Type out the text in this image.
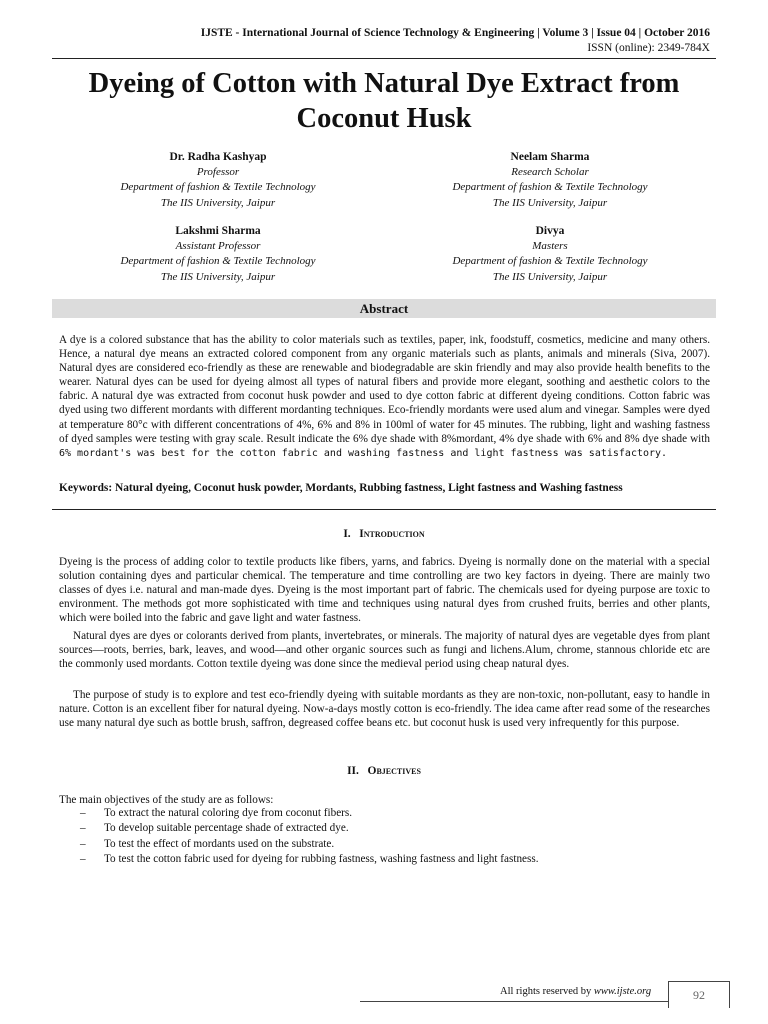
IJSTE - International Journal of Science Technology & Engineering | Volume 3 | Issue 04 | October 2016
ISSN (online): 2349-784X
Dyeing of Cotton with Natural Dye Extract from
Coconut Husk
Dr. Radha Kashyap
Professor
Department of fashion & Textile Technology
The IIS University, Jaipur
Neelam Sharma
Research Scholar
Department of fashion & Textile Technology
The IIS University, Jaipur
Lakshmi Sharma
Assistant Professor
Department of fashion & Textile Technology
The IIS University, Jaipur
Divya
Masters
Department of fashion & Textile Technology
The IIS University, Jaipur
Abstract
A dye is a colored substance that has the ability to color materials such as textiles, paper, ink, foodstuff, cosmetics, medicine and many others. Hence, a natural dye means an extracted colored component from any organic materials such as plants, animals and minerals (Siva, 2007). Natural dyes are considered eco-friendly as these are renewable and biodegradable are skin friendly and may also provide health benefits to the wearer. Natural dyes can be used for dyeing almost all types of natural fibers and provide more elegant, soothing and aesthetic colors to the fabric. A natural dye was extracted from coconut husk powder and used to dye cotton fabric at different dyeing conditions. Cotton fabric was dyed using two different mordants with different mordanting techniques. Eco-friendly mordants were used alum and vinegar. Samples were dyed at temperature 80°c with different concentrations of 4%, 6% and 8% in 100ml of water for 45 minutes. The rubbing, light and washing fastness of dyed samples were testing with gray scale. Result indicate the 6% dye shade with 8%mordant, 4% dye shade with 6% and 8% dye shade with 6% mordant's was best for the cotton fabric and washing fastness and light fastness was satisfactory.
Keywords: Natural dyeing, Coconut husk powder, Mordants, Rubbing fastness, Light fastness and Washing fastness
I. Introduction
Dyeing is the process of adding color to textile products like fibers, yarns, and fabrics. Dyeing is normally done on the material with a special solution containing dyes and particular chemical. The temperature and time controlling are two key factors in dyeing. There are mainly two classes of dyes i.e. natural and man-made dyes. Dyeing is the most important part of fabric. The chemicals used for dyeing purpose are toxic to environment. The methods got more sophisticated with time and techniques using natural dyes from crushed fruits, berries and other plants, which were boiled into the fabric and gave light and water fastness.
Natural dyes are dyes or colorants derived from plants, invertebrates, or minerals. The majority of natural dyes are vegetable dyes from plant sources—roots, berries, bark, leaves, and wood—and other organic sources such as fungi and lichens.Alum, chrome, stannous chloride etc are the commonly used mordants. Cotton textile dyeing was done since the medieval period using cheap natural dyes.
The purpose of study is to explore and test eco-friendly dyeing with suitable mordants as they are non-toxic, non-pollutant, easy to handle in nature. Cotton is an excellent fiber for natural dyeing. Now-a-days mostly cotton is eco-friendly. The idea came after read some of the researches use many natural dye such as bottle brush, saffron, degreased coffee beans etc. but coconut husk is used very infrequently for this purpose.
II. Objectives
The main objectives of the study are as follows:
– To extract the natural coloring dye from coconut fibers.
– To develop suitable percentage shade of extracted dye.
– To test the effect of mordants used on the substrate.
– To test the cotton fabric used for dyeing for rubbing fastness, washing fastness and light fastness.
All rights reserved by www.ijste.org	92
